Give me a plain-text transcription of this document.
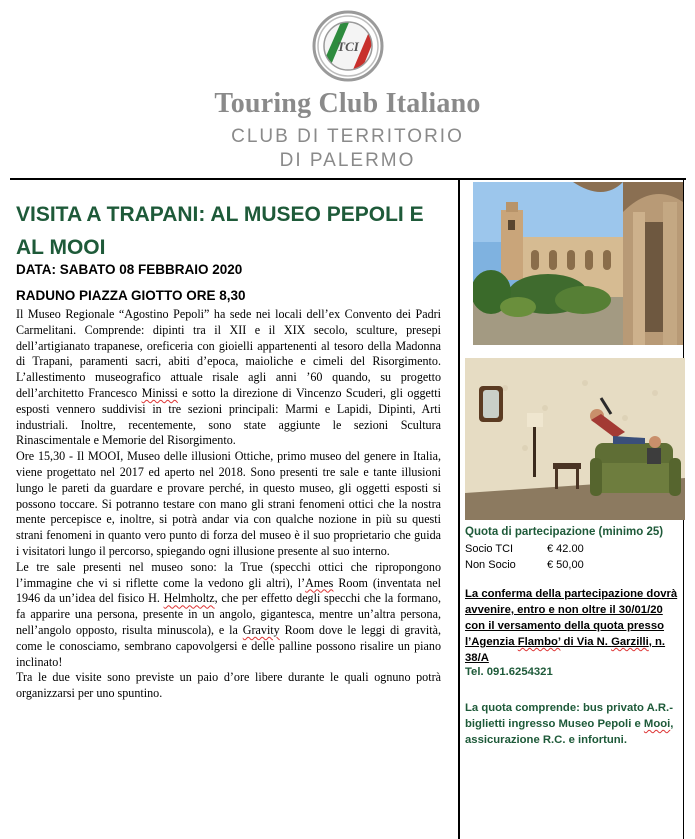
TCI
Touring Club Italiano
CLUB DI TERRITORIO
DI PALERMO
VISITA A TRAPANI: AL MUSEO PEPOLI E AL MOOI
DATA: SABATO 08 FEBBRAIO 2020
RADUNO PIAZZA GIOTTO ORE 8,30

Il Museo Regionale “Agostino Pepoli” ha sede nei locali dell’ex Convento dei Padri Carmelitani. Comprende: dipinti tra il XII e il XIX secolo, sculture, presepi dell’artigianato trapanese, oreficeria con gioielli appartenenti al tesoro della Madonna di Trapani, paramenti sacri, abiti d’epoca, maioliche e cimeli del Risorgimento. L’allestimento museografico attuale risale agli anni ’60 quando, su progetto dell’architetto Francesco Minissi e sotto la direzione di Vincenzo Scuderi, gli oggetti esposti vennero suddivisi in tre sezioni principali: Marmi e Lapidi, Dipinti, Arti industriali. Inoltre, recentemente, sono state aggiunte le sezioni Scultura Rinascimentale e Memorie del Risorgimento.

Ore 15,30 - Il MOOI, Museo delle illusioni Ottiche, primo museo del genere in Italia, viene progettato nel 2017 ed aperto nel 2018. Sono presenti tre sale e tante illusioni lungo le pareti da guardare e provare perché, in questo museo, gli oggetti esposti si possono toccare. Si potranno testare con mano gli strani fenomeni ottici che la nostra mente percepisce e, inoltre, si potrà andar via con qualche nozione in più su questi strani fenomeni in quanto vero punto di forza del museo è il suo proprietario che guida i visitatori lungo il percorso, spiegando ogni illusione presente al suo interno.

Le tre sale presenti nel museo sono: la True (specchi ottici che ripropongono l’immagine che vi si riflette come la vedono gli altri), l’Ames Room (inventata nel 1946 da un’idea del fisico H. Helmholtz, che per effetto degli specchi che la formano, fa apparire una persona, presente in un angolo, gigantesca, mentre un’altra persona, nell’angolo opposto, risulta minuscola), e la Gravity Room dove le leggi di gravità, come le conosciamo, sembrano capovolgersi e delle palline possono risalire un piano inclinato!

Tra le due visite sono previste un paio d’ore libere durante le quali ognuno potrà organizzarsi per uno spuntino.

Quota di partecipazione (minimo 25)
Socio TCI	€ 42.00
Non Socio	€ 50,00

La conferma della partecipazione dovrà avvenire, entro e non oltre il 30/01/20 con il versamento della quota presso l’Agenzia Flambo’ di Via N. Garzilli, n. 38/A

Tel. 091.6254321

La quota comprende: bus privato A.R.- biglietti ingresso Museo Pepoli e Mooi, assicurazione R.C. e infortuni.
